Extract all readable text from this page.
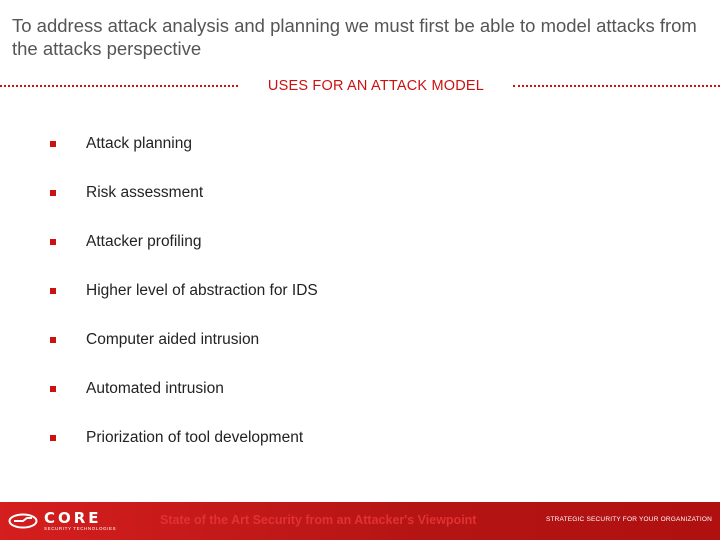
To address attack analysis and planning we must first be able to model attacks from the attacks perspective
USES FOR AN ATTACK MODEL
Attack planning
Risk assessment
Attacker profiling
Higher level of abstraction for IDS
Computer aided intrusion
Automated intrusion
Priorization of tool development
CORE
SECURITY TECHNOLOGIES
State of the Art Security from an Attacker's Viewpoint	STRATEGIC SECURITY FOR YOUR ORGANIZATION
